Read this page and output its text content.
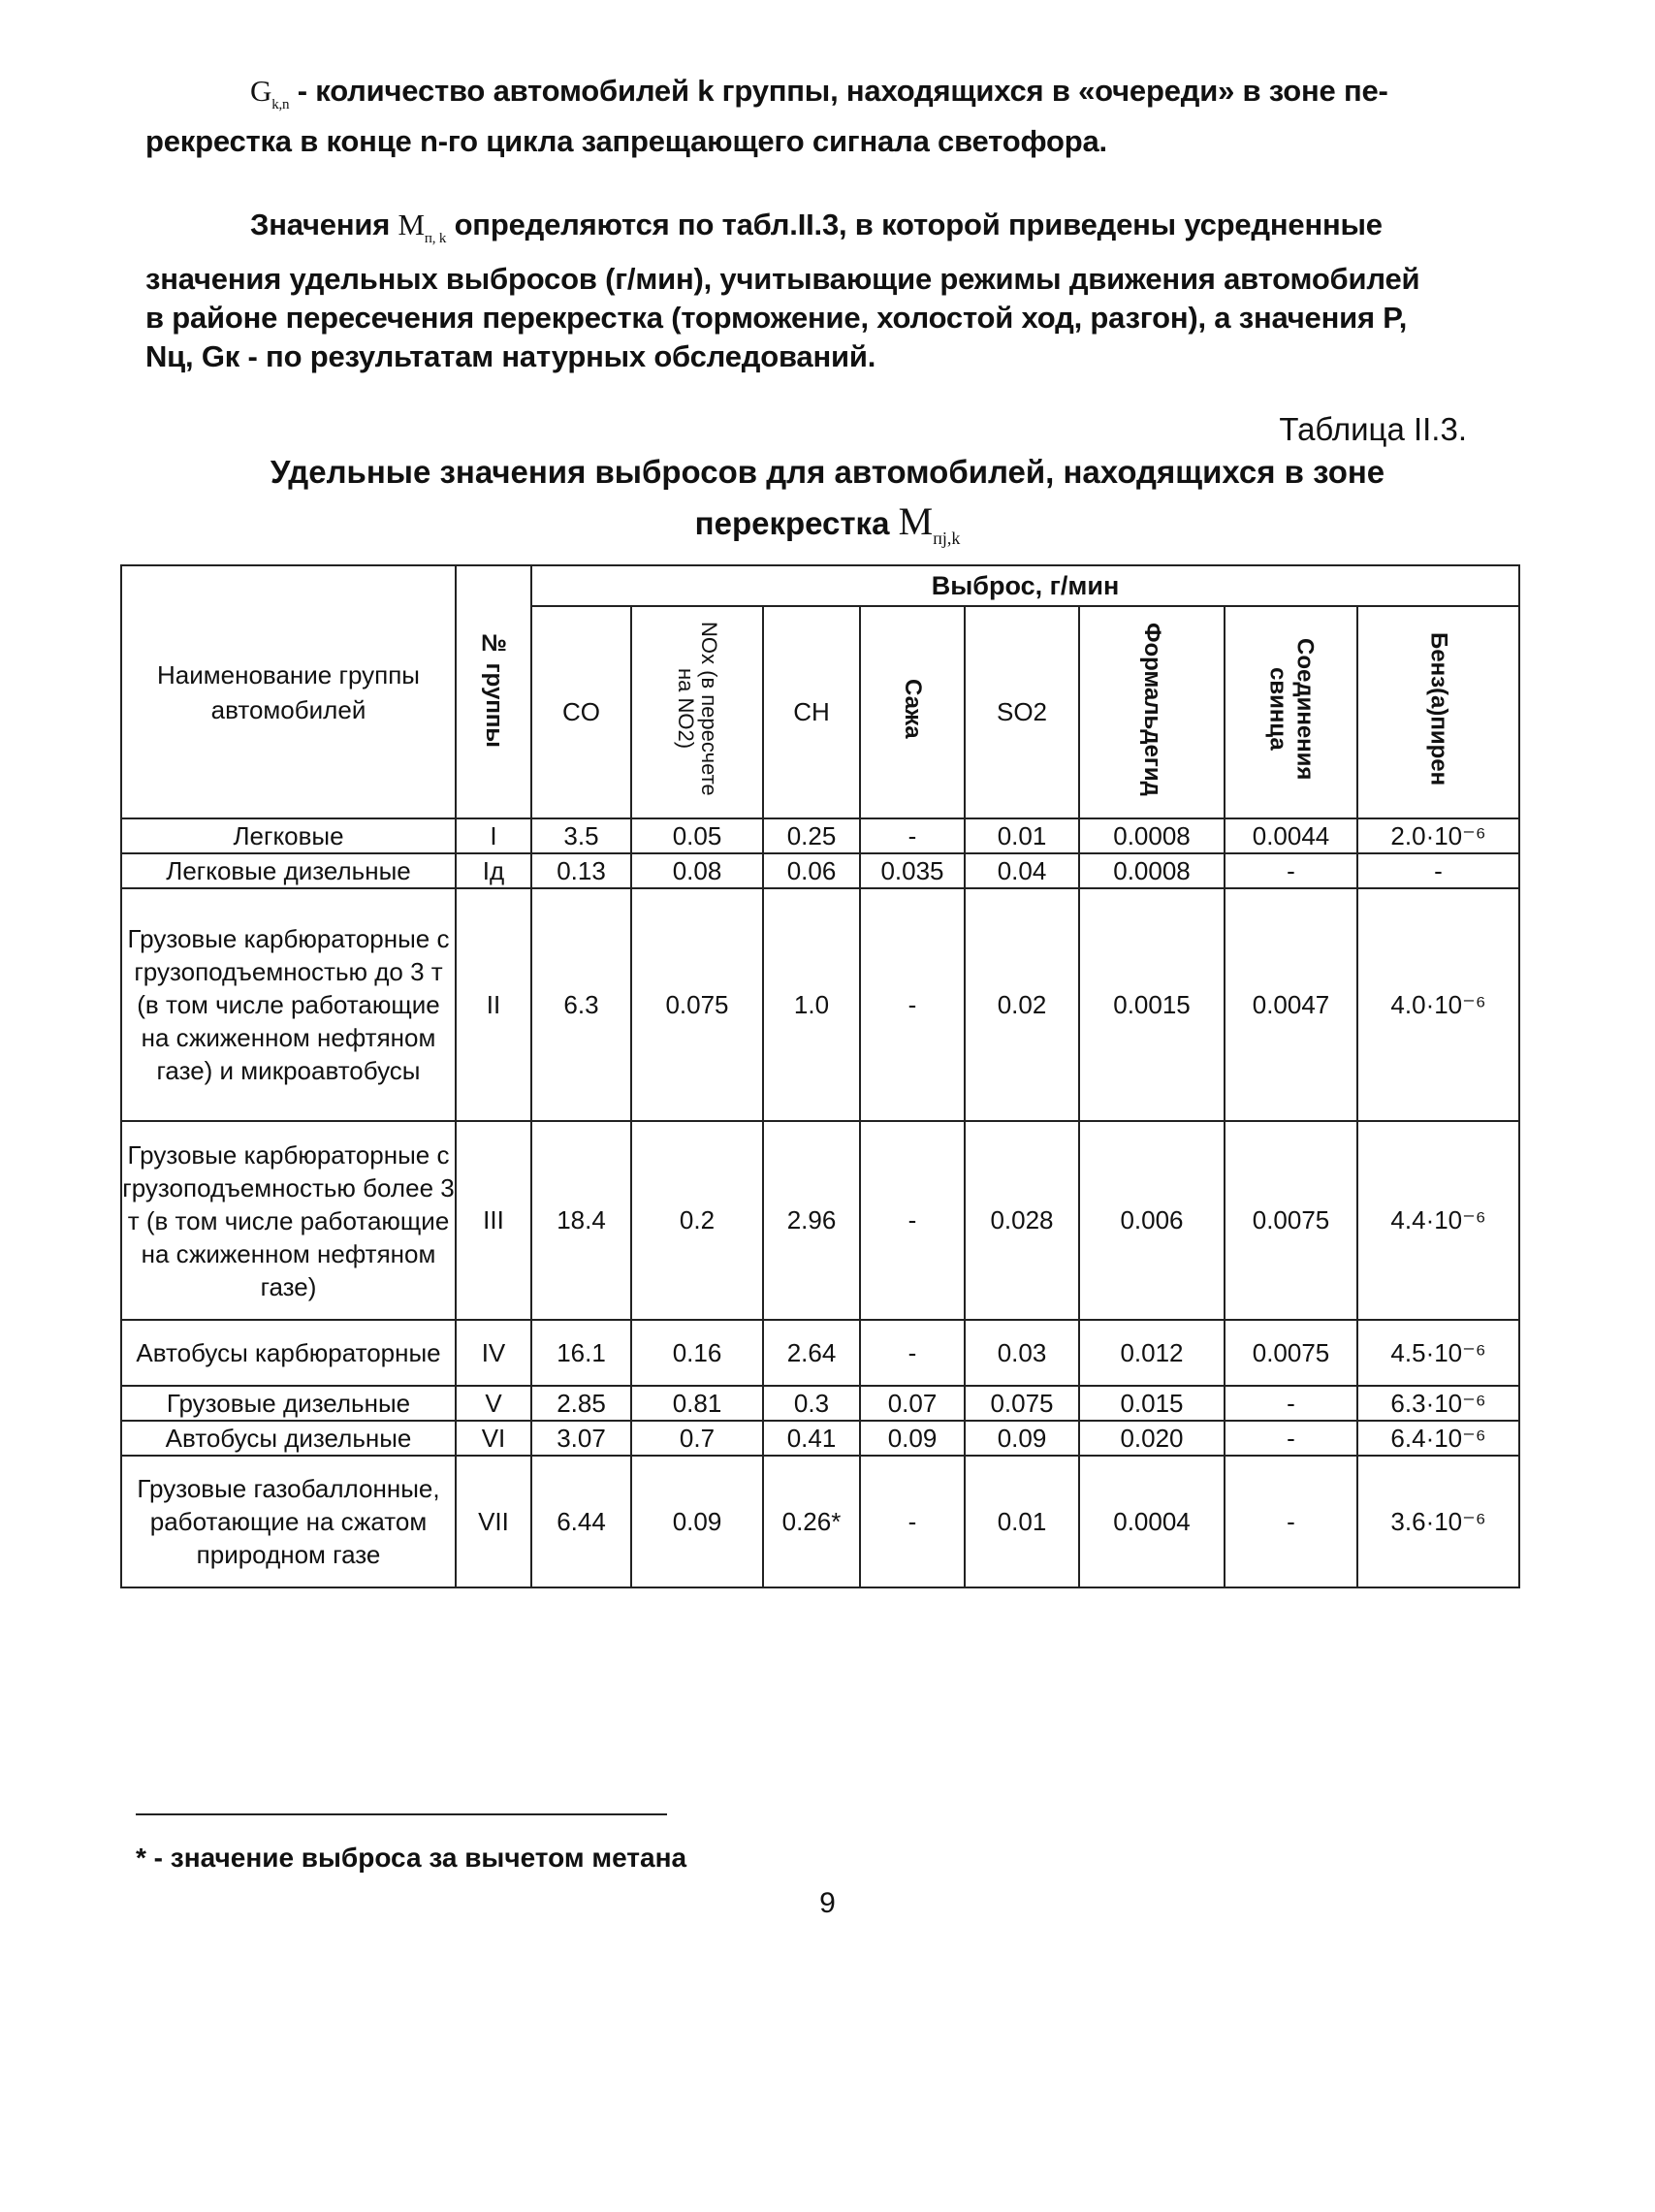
$G_{k,n}$ - количество автомобилей k группы, находящихся в «очереди» в зоне пе-
рекрестка в конце n-го цикла запрещающего сигнала светофора.
Значения $M_{п, k}$ определяются по табл.II.3, в которой приведены усредненные
значения удельных выбросов (г/мин), учитывающие режимы движения автомобилей
в районе пересечения перекрестка (торможение, холостой ход, разгон), а значения P,
Nц, Gк - по результатам натурных обследований.
Таблица II.3.
Удельные значения выбросов для автомобилей, находящихся в зоне
перекрестка $M_{пj,k}$
Наименование группы автомобилей	№ группы	Выброс, г/мин							
		CO	NOx (в пересчете на NO2)	CH	Сажа	SO2	Формальдегид	Соединения свинца	Бенз(а)пирен
Легковые	I	3.5	0.05	0.25	-	0.01	0.0008	0.0044	2.0·10⁻⁶
Легковые дизельные	Iд	0.13	0.08	0.06	0.035	0.04	0.0008	-	-
Грузовые карбюраторные с грузоподъемностью до 3 т (в том числе работающие на сжиженном нефтяном газе) и микроавтобусы	II	6.3	0.075	1.0	-	0.02	0.0015	0.0047	4.0·10⁻⁶
Грузовые карбюраторные с грузоподъемностью более 3 т (в том числе работающие на сжиженном нефтяном газе)	III	18.4	0.2	2.96	-	0.028	0.006	0.0075	4.4·10⁻⁶
Автобусы карбюраторные	IV	16.1	0.16	2.64	-	0.03	0.012	0.0075	4.5·10⁻⁶
Грузовые дизельные	V	2.85	0.81	0.3	0.07	0.075	0.015	-	6.3·10⁻⁶
Автобусы дизельные	VI	3.07	0.7	0.41	0.09	0.09	0.020	-	6.4·10⁻⁶
Грузовые газобаллонные, работающие на сжатом природном газе	VII	6.44	0.09	0.26*	-	0.01	0.0004	-	3.6·10⁻⁶
* - значение выброса за вычетом метана
9
